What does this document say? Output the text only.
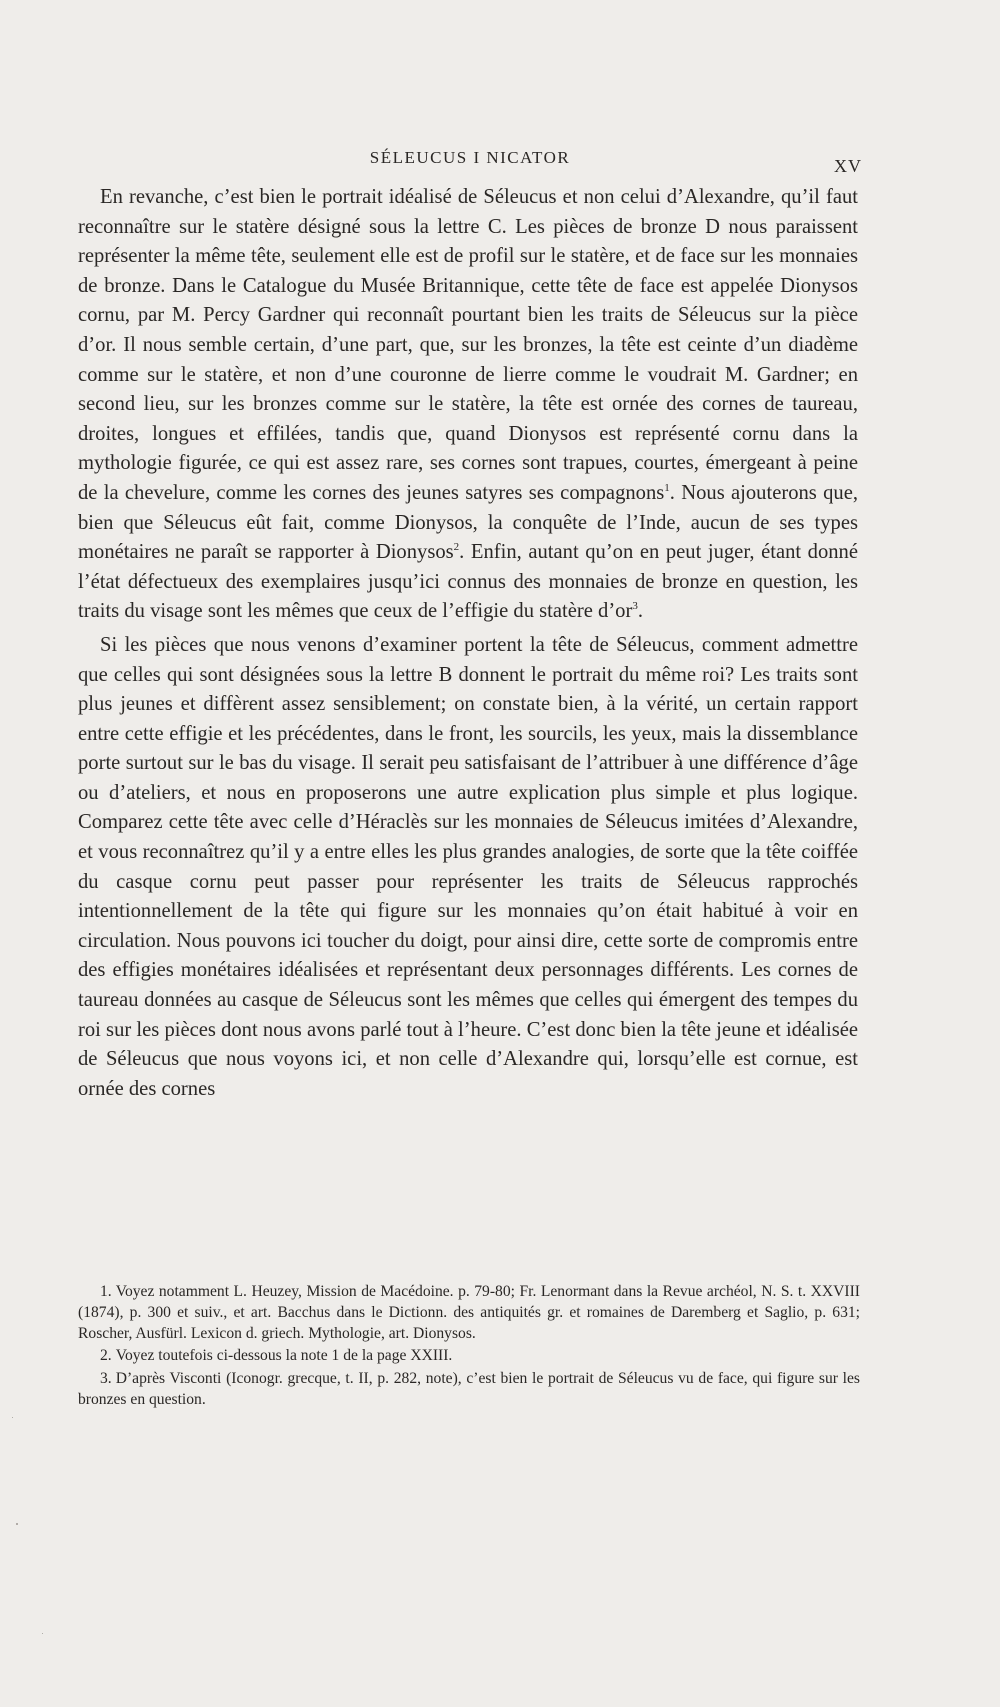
SÉLEUCUS I NICATOR	XV

En revanche, c’est bien le portrait idéalisé de Séleucus et non celui d’Alexandre, qu’il faut reconnaître sur le statère désigné sous la lettre C. Les pièces de bronze D nous paraissent représenter la même tête, seulement elle est de profil sur le statère, et de face sur les monnaies de bronze. Dans le Catalogue du Musée Britannique, cette tête de face est appelée Dionysos cornu, par M. Percy Gardner qui reconnaît pourtant bien les traits de Séleucus sur la pièce d’or. Il nous semble certain, d’une part, que, sur les bronzes, la tête est ceinte d’un diadème comme sur le statère, et non d’une couronne de lierre comme le voudrait M. Gardner; en second lieu, sur les bronzes comme sur le statère, la tête est ornée des cornes de taureau, droites, longues et effilées, tandis que, quand Dionysos est représenté cornu dans la mythologie figurée, ce qui est assez rare, ses cornes sont trapues, courtes, émergeant à peine de la chevelure, comme les cornes des jeunes satyres ses compagnons$^1$. Nous ajouterons que, bien que Séleucus eût fait, comme Dionysos, la conquête de l’Inde, aucun de ses types monétaires ne paraît se rapporter à Dionysos$^2$. Enfin, autant qu’on en peut juger, étant donné l’état défectueux des exemplaires jusqu’ici connus des monnaies de bronze en question, les traits du visage sont les mêmes que ceux de l’effigie du statère $d’or^3$.

Si les pièces que nous venons d’examiner portent la tête de Séleucus, comment admettre que celles qui sont désignées sous la lettre B donnent le portrait du même roi? Les traits sont plus jeunes et diffèrent assez sensiblement; on constate bien, à la vérité, un certain rapport entre cette effigie et les précédentes, dans le front, les sourcils, les yeux, mais la dissemblance porte surtout sur le bas du visage. Il serait peu satisfaisant de l’attribuer à une différence d’âge ou d’ateliers, et nous en proposerons une autre explication plus simple et plus logique. Comparez cette tête avec celle d’Héraclès sur les monnaies de Séleucus imitées d’Alexandre, et vous reconnaîtrez qu’il y a entre elles les plus grandes analogies, de sorte que la tête coiffée du casque cornu peut passer pour représenter les traits de Séleucus rapprochés intentionnellement de la tête qui figure sur les monnaies qu’on était habitué à voir en circulation. Nous pouvons ici toucher du doigt, pour ainsi dire, cette sorte de compromis entre des effigies monétaires idéalisées et représentant deux personnages différents. Les cornes de taureau données au casque de Séleucus sont les mêmes que celles qui émergent des tempes du roi sur les pièces dont nous avons parlé tout à l’heure. C’est donc bien la tête jeune et idéalisée de Séleucus que nous voyons ici, et non celle d’Alexandre qui, lorsqu’elle est cornue, est ornée des cornes

1. Voyez notamment L. Heuzey, Mission de Macédoine. p. 79-80; Fr. Lenormant dans la Revue archéol, N. S. t. XXVIII (1874), p. 300 et suiv., et art. Bacchus dans le Dictionn. des antiquités gr. et romaines de Daremberg et Saglio, p. 631; Roscher, Ausfürl. Lexicon d. griech. Mythologie, art. Dionysos.

2. Voyez toutefois ci-dessous la note 1 de la page XXIII.

3. D’après Visconti (Iconogr. grecque, t. II, p. 282, note), c’est bien le portrait de Séleucus vu de face, qui figure sur les bronzes en question.
